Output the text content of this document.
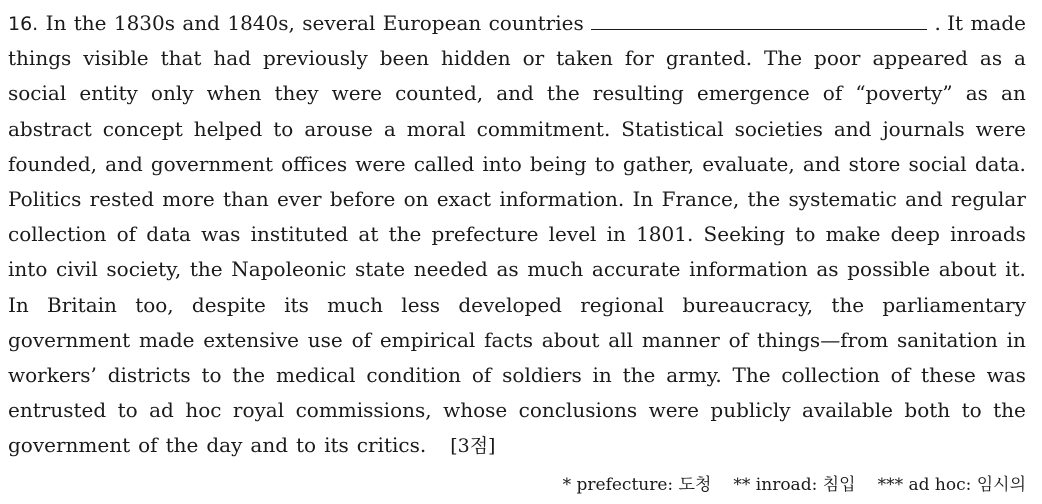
16. In the 1830s and 1840s, several European countries	. It made
things visible that had previously been hidden or taken for granted. The poor appeared as a
social entity only when they were counted, and the resulting emergence of “poverty” as an
abstract concept helped to arouse a moral commitment. Statistical societies and journals were
founded, and government offices were called into being to gather, evaluate, and store social data.
Politics rested more than ever before on exact information. In France, the systematic and regular
collection of data was instituted at the prefecture level in 1801. Seeking to make deep inroads
into civil society, the Napoleonic state needed as much accurate information as possible about it.
In Britain too, despite its much less developed regional bureaucracy, the parliamentary
government made extensive use of empirical facts about all manner of things—from sanitation in
workers’ districts to the medical condition of soldiers in the army. The collection of these was
entrusted to ad hoc royal commissions, whose conclusions were publicly available both to the
government of the day and to its critics. [3점]
* prefecture: 도청 ** inroad: 침입 *** ad hoc: 임시의
